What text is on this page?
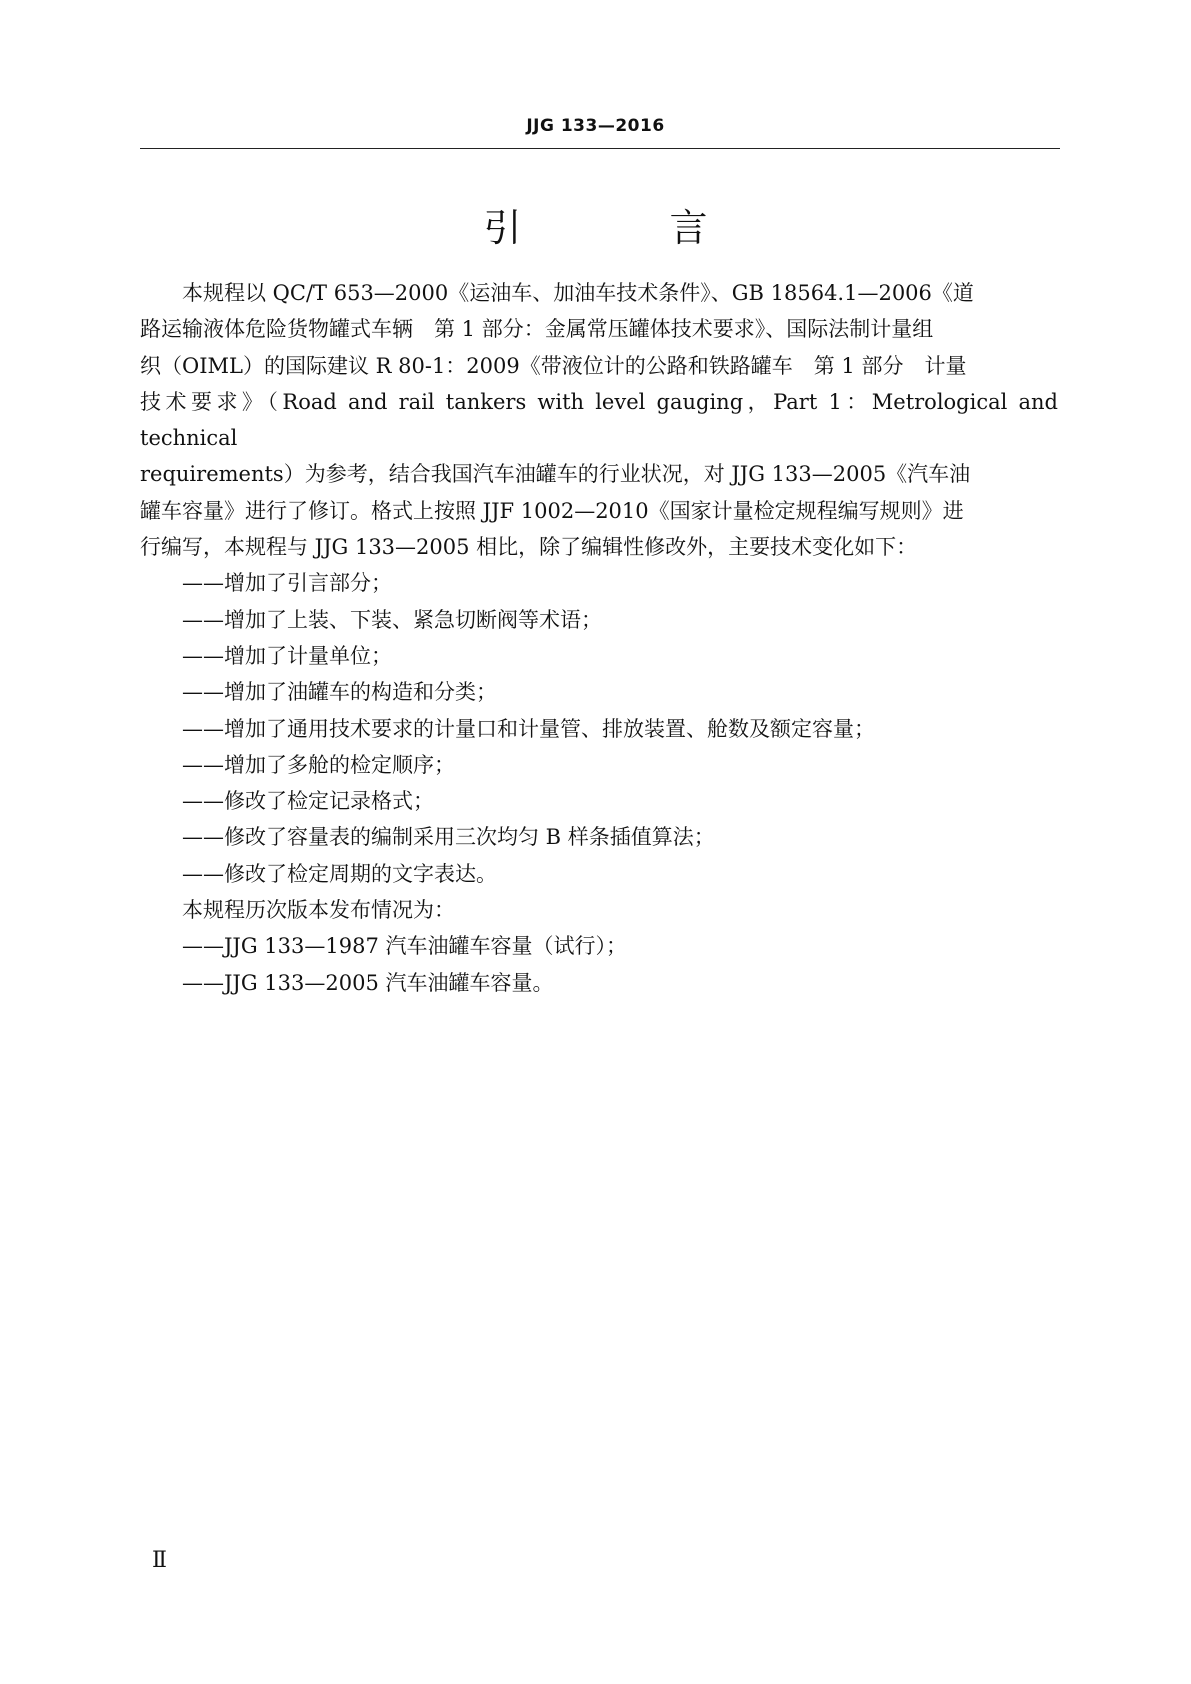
JJG 133—2016
引 言

本规程以 QC/T 653—2000《运油车、加油车技术条件》、GB 18564.1—2006《道
路运输液体危险货物罐式车辆　第 1 部分：金属常压罐体技术要求》、国际法制计量组
织（OIML）的国际建议 R 80-1：2009《带液位计的公路和铁路罐车　第 1 部分　计量
技术要求》（Road and rail tankers with level gauging，Part 1：Metrological and technical
requirements）为参考，结合我国汽车油罐车的行业状况，对 JJG 133—2005《汽车油
罐车容量》进行了修订。格式上按照 JJF 1002—2010《国家计量检定规程编写规则》进
行编写，本规程与 JJG 133—2005 相比，除了编辑性修改外，主要技术变化如下：

——增加了引言部分；

——增加了上装、下装、紧急切断阀等术语；

——增加了计量单位；

——增加了油罐车的构造和分类；

——增加了通用技术要求的计量口和计量管、排放装置、舱数及额定容量；

——增加了多舱的检定顺序；

——修改了检定记录格式；

——修改了容量表的编制采用三次均匀 B 样条插值算法；

——修改了检定周期的文字表达。

本规程历次版本发布情况为：

——JJG 133—1987 汽车油罐车容量（试行）；

——JJG 133—2005 汽车油罐车容量。

Ⅱ
